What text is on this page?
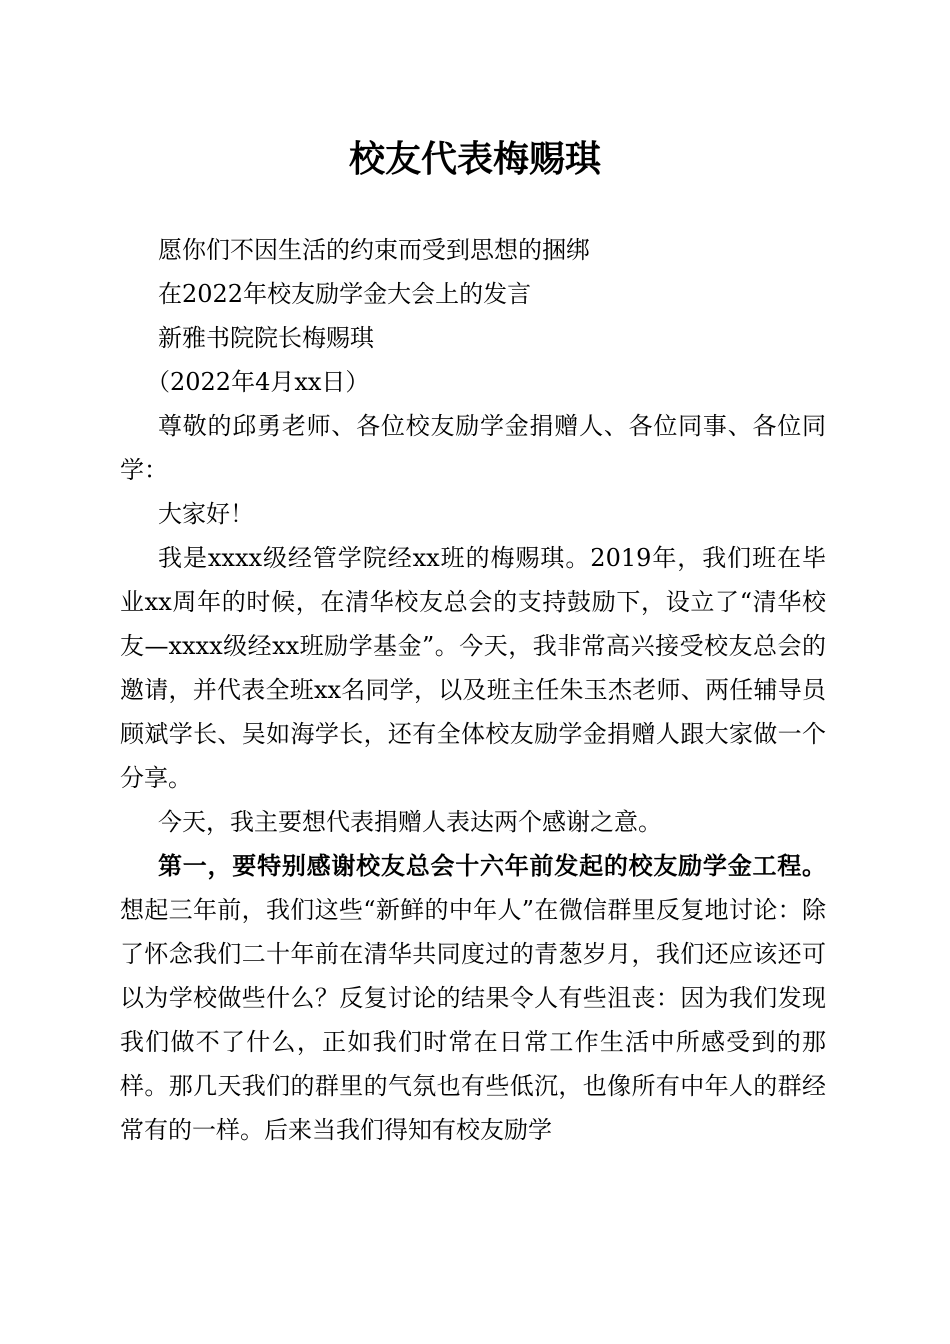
校友代表梅赐琪

愿你们不因生活的约束而受到思想的捆绑

在2022年校友励学金大会上的发言

新雅书院院长梅赐琪

（2022年4月xx日）

尊敬的邱勇老师、各位校友励学金捐赠人、各位同事、各位同学：

大家好！

我是xxxx级经管学院经xx班的梅赐琪。2019年，我们班在毕业xx周年的时候，在清华校友总会的支持鼓励下，设立了“清华校友—xxxx级经xx班励学基金”。今天，我非常高兴接受校友总会的邀请，并代表全班xx名同学，以及班主任朱玉杰老师、两任辅导员顾斌学长、吴如海学长，还有全体校友励学金捐赠人跟大家做一个分享。

今天，我主要想代表捐赠人表达两个感谢之意。

第一，要特别感谢校友总会十六年前发起的校友励学金工程。想起三年前，我们这些“新鲜的中年人”在微信群里反复地讨论：除了怀念我们二十年前在清华共同度过的青葱岁月，我们还应该还可以为学校做些什么？反复讨论的结果令人有些沮丧：因为我们发现我们做不了什么，正如我们时常在日常工作生活中所感受到的那样。那几天我们的群里的气氛也有些低沉，也像所有中年人的群经常有的一样。后来当我们得知有校友励学
